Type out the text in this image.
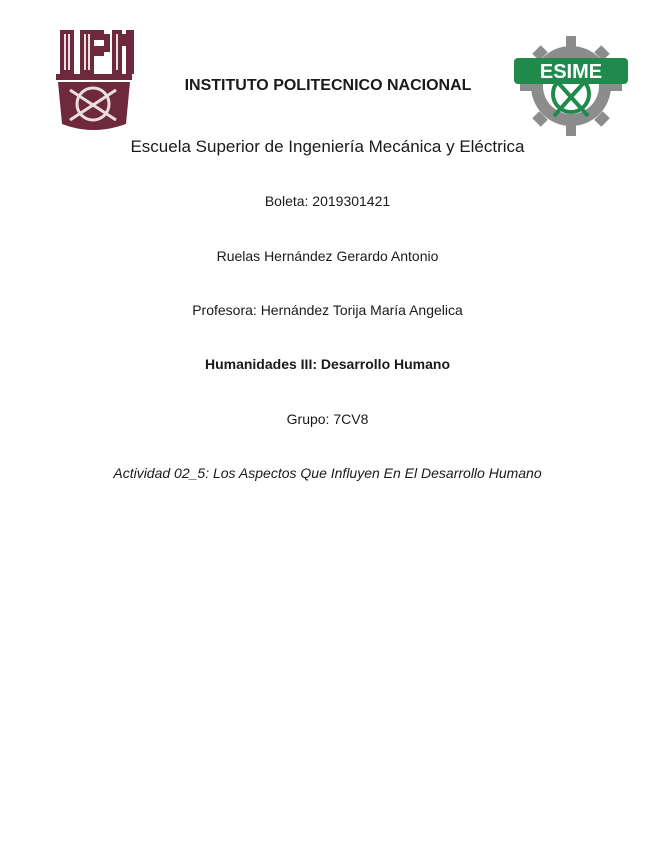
ESIME
INSTITUTO POLITECNICO NACIONAL
Escuela Superior de Ingeniería Mecánica y Eléctrica
Boleta: 2019301421
Ruelas Hernández Gerardo Antonio
Profesora: Hernández Torija María Angelica
Humanidades III: Desarrollo Humano
Grupo: 7CV8
Actividad 02_5: Los Aspectos Que Influyen En El Desarrollo Humano
